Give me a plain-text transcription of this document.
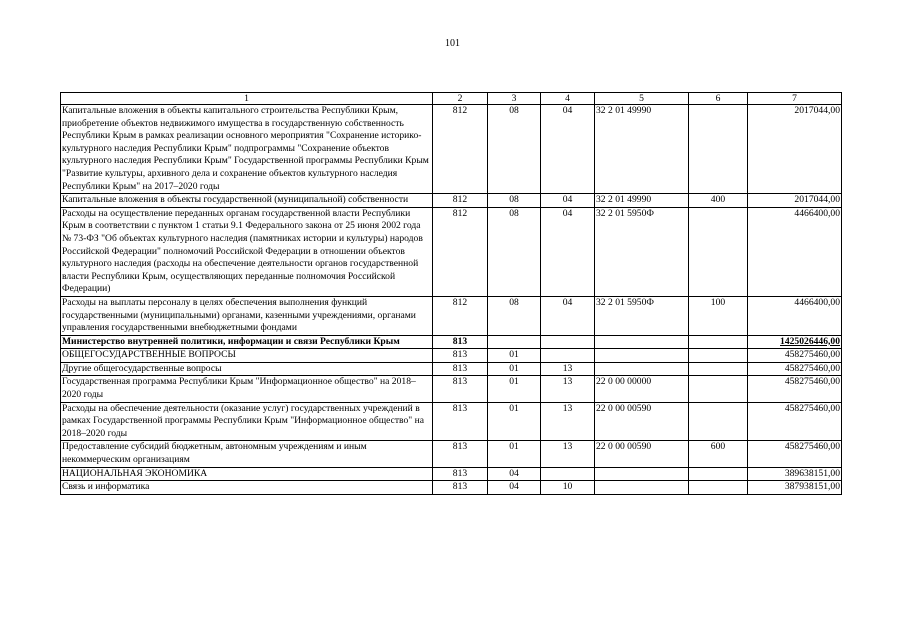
101
1	2	3	4	5	6	7
Капитальные вложения в объекты капитального строительства Республики Крым, приобретение объектов недвижимого имущества в государственную собственность Республики Крым в рамках реализации основного мероприятия "Сохранение историко-культурного наследия Республики Крым" подпрограммы "Сохранение объектов культурного наследия Республики Крым" Государственной программы Республики Крым "Развитие культуры, архивного дела и сохранение объектов культурного наследия Республики Крым" на 2017–2020 годы	812	08	04	32 2 01 49990		2017044,00
Капитальные вложения в объекты государственной (муниципальной) собственности	812	08	04	32 2 01 49990	400	2017044,00
Расходы на осуществление переданных органам государственной власти Республики Крым в соответствии с пунктом 1 статьи 9.1 Федерального закона от 25 июня 2002 года № 73-ФЗ "Об объектах культурного наследия (памятниках истории и культуры) народов Российской Федерации" полномочий Российской Федерации в отношении объектов культурного наследия (расходы на обеспечение деятельности органов государственной власти Республики Крым, осуществляющих переданные полномочия Российской Федерации)	812	08	04	32 2 01 5950Ф		4466400,00
Расходы на выплаты персоналу в целях обеспечения выполнения функций государственными (муниципальными) органами, казенными учреждениями, органами управления государственными внебюджетными фондами	812	08	04	32 2 01 5950Ф	100	4466400,00
Министерство внутренней политики, информации и связи Республики Крым	813					1425026446,00
ОБЩЕГОСУДАРСТВЕННЫЕ ВОПРОСЫ	813	01				458275460,00
Другие общегосударственные вопросы	813	01	13			458275460,00
Государственная программа Республики Крым "Информационное общество" на 2018–2020 годы	813	01	13	22 0 00 00000		458275460,00
Расходы на обеспечение деятельности (оказание услуг) государственных учреждений в рамках Государственной программы Республики Крым "Информационное общество" на 2018–2020 годы	813	01	13	22 0 00 00590		458275460,00
Предоставление субсидий бюджетным, автономным учреждениям и иным некоммерческим организациям	813	01	13	22 0 00 00590	600	458275460,00
НАЦИОНАЛЬНАЯ ЭКОНОМИКА	813	04				389638151,00
Связь и информатика	813	04	10			387938151,00
